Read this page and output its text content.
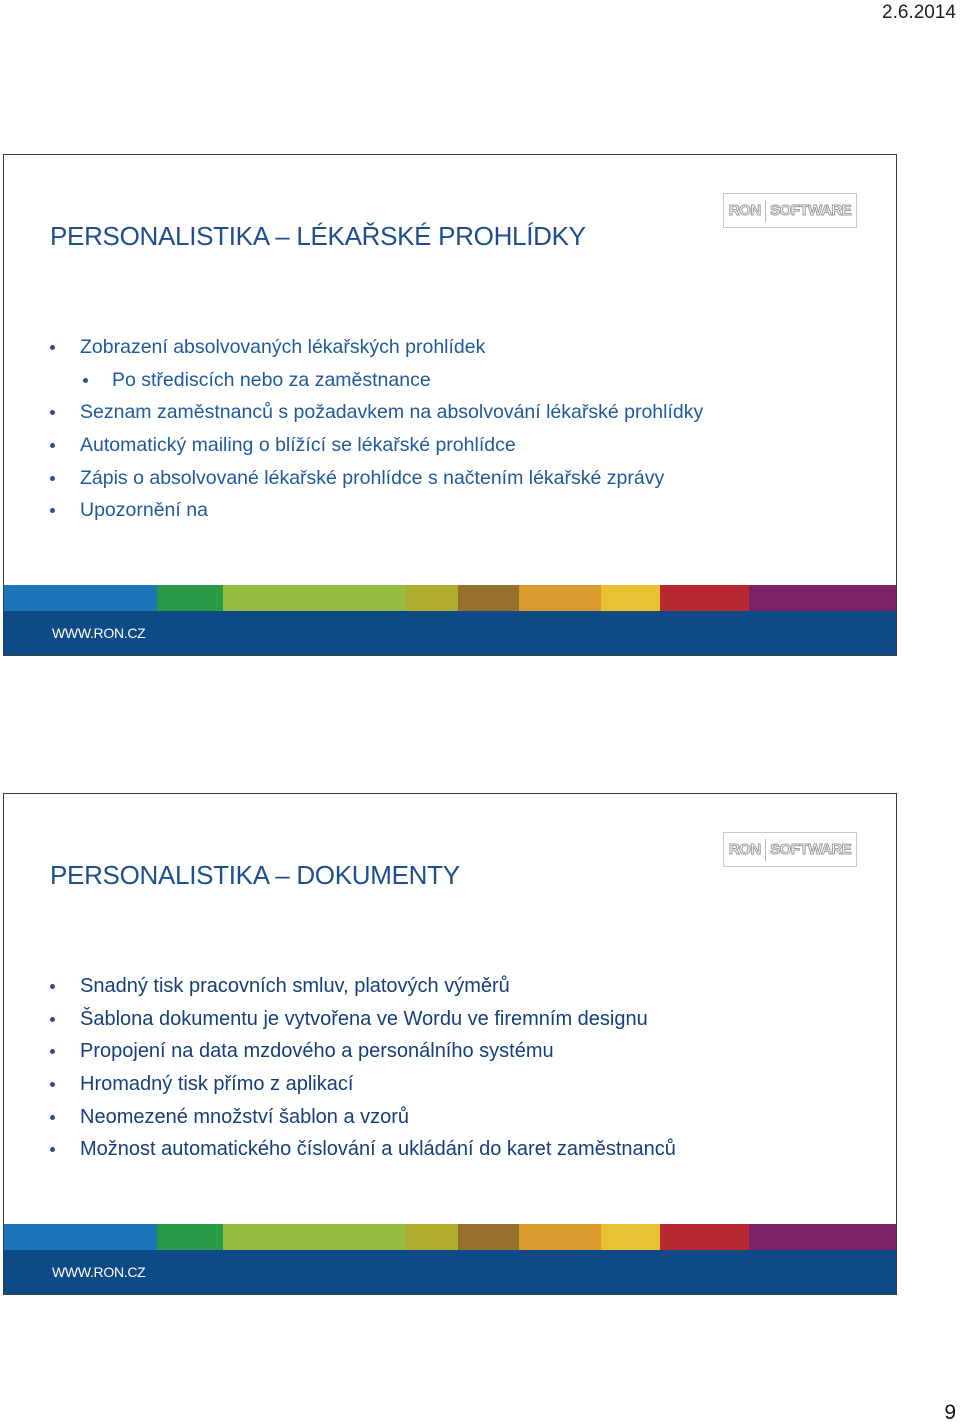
2.6.2014
PERSONALISTIKA – LÉKAŘSKÉ PROHLÍDKY
RON SOFTWARE
Zobrazení absolvovaných lékařských prohlídek
Po střediscích nebo za zaměstnance
Seznam zaměstnanců s požadavkem na absolvování lékařské prohlídky
Automatický mailing o blížící se lékařské prohlídce
Zápis o absolvované lékařské prohlídce s načtením lékařské zprávy
Upozornění na
WWW.RON.CZ
PERSONALISTIKA – DOKUMENTY
RON SOFTWARE
Snadný tisk pracovních smluv, platových výměrů
Šablona dokumentu je vytvořena ve Wordu ve firemním designu
Propojení na data mzdového a personálního systému
Hromadný tisk přímo z aplikací
Neomezené množství šablon a vzorů
Možnost automatického číslování a ukládání do karet zaměstnanců
WWW.RON.CZ
9
